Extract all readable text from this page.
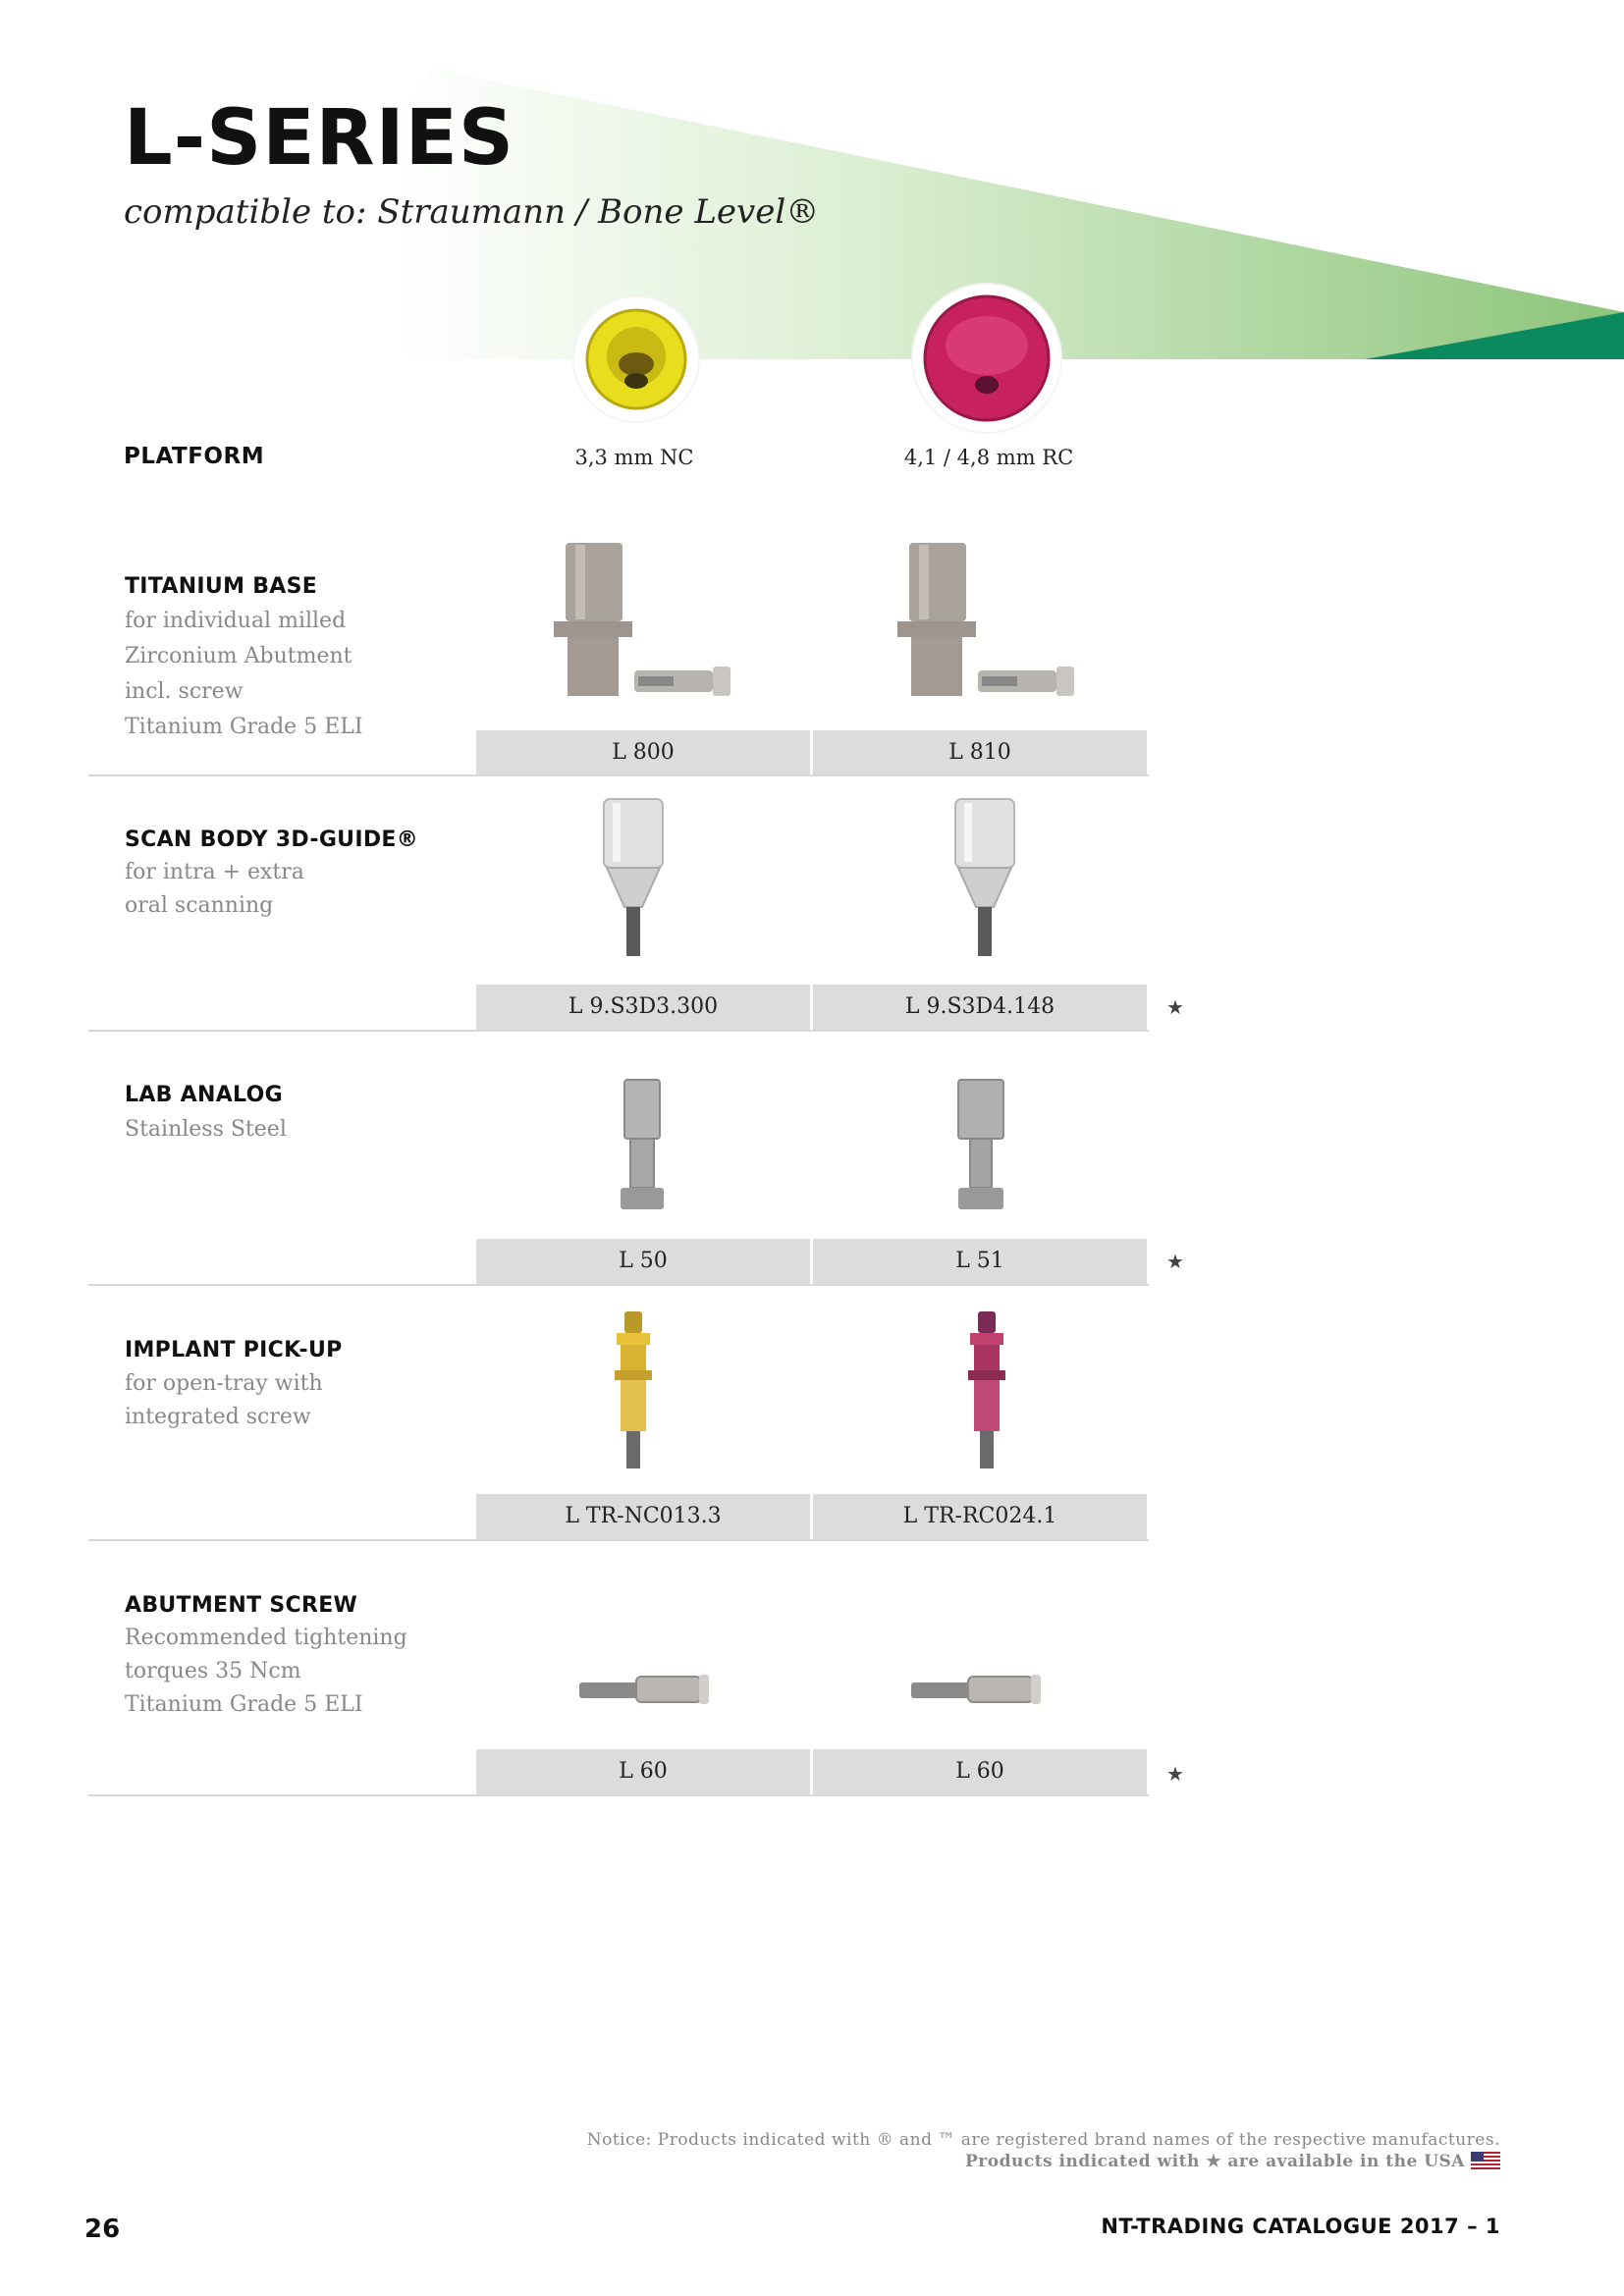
L-SERIES
compatible to: Straumann / Bone Level®
PLATFORM	3,3 mm NC	4,1 / 4,8 mm RC
TITANIUM BASE
for individual milled
Zirconium Abutment
incl. screw
Titanium Grade 5 ELI
L 800	L 810
SCAN BODY 3D-GUIDE®
for intra + extra
oral scanning
L 9.S3D3.300	L 9.S3D4.148	★
LAB ANALOG
Stainless Steel
L 50	L 51	★
IMPLANT PICK-UP
for open-tray with
integrated screw
L TR-NC013.3	L TR-RC024.1
ABUTMENT SCREW
Recommended tightening
torques 35 Ncm
Titanium Grade 5 ELI
L 60	L 60	★
Notice: Products indicated with ® and ™ are registered brand names of the respective manufactures.
Products indicated with ★ are available in the USA
26	NT-TRADING CATALOGUE 2017 – 1
